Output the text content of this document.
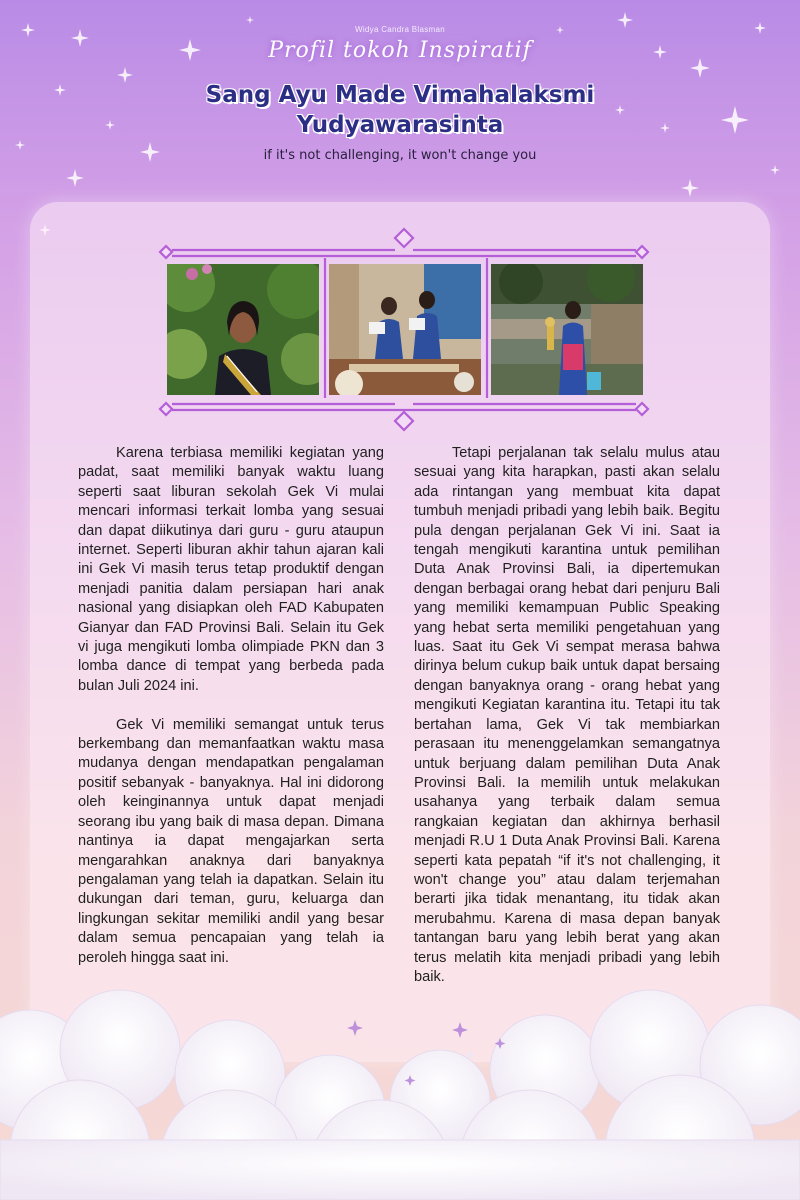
Widya Candra Blasman
Profil tokoh Inspiratif
Sang Ayu Made Vimahalaksmi Yudyawarasinta
if it's not challenging, it won't change you

Karena terbiasa memiliki kegiatan yang padat, saat memiliki banyak waktu luang seperti saat liburan sekolah Gek Vi mulai mencari informasi terkait lomba yang sesuai dan dapat diikutinya dari guru - guru ataupun internet. Seperti liburan akhir tahun ajaran kali ini Gek Vi masih terus tetap produktif dengan menjadi panitia dalam persiapan hari anak nasional yang disiapkan oleh FAD Kabupaten Gianyar dan FAD Provinsi Bali. Selain itu Gek vi juga mengikuti lomba olimpiade PKN dan 3 lomba dance di tempat yang berbeda pada bulan Juli 2024 ini.

Gek Vi memiliki semangat untuk terus berkembang dan memanfaatkan waktu masa mudanya dengan mendapatkan pengalaman positif sebanyak - banyaknya. Hal ini didorong oleh keinginannya untuk dapat menjadi seorang ibu yang baik di masa depan. Dimana nantinya ia dapat mengajarkan serta mengarahkan anaknya dari banyaknya pengalaman yang telah ia dapatkan. Selain itu dukungan dari teman, guru, keluarga dan lingkungan sekitar memiliki andil yang besar dalam semua pencapaian yang telah ia peroleh hingga saat ini.

Tetapi perjalanan tak selalu mulus atau sesuai yang kita harapkan, pasti akan selalu ada rintangan yang membuat kita dapat tumbuh menjadi pribadi yang lebih baik. Begitu pula dengan perjalanan Gek Vi ini. Saat ia tengah mengikuti karantina untuk pemilihan Duta Anak Provinsi Bali, ia dipertemukan dengan berbagai orang hebat dari penjuru Bali yang memiliki kemampuan Public Speaking yang hebat serta memiliki pengetahuan yang luas. Saat itu Gek Vi sempat merasa bahwa dirinya belum cukup baik untuk dapat bersaing dengan banyaknya orang - orang hebat yang mengikuti Kegiatan karantina itu. Tetapi itu tak bertahan lama, Gek Vi tak membiarkan perasaan itu menenggelamkan semangatnya untuk berjuang dalam pemilihan Duta Anak Provinsi Bali. Ia memilih untuk melakukan usahanya yang terbaik dalam semua rangkaian kegiatan dan akhirnya berhasil menjadi R.U 1 Duta Anak Provinsi Bali. Karena seperti kata pepatah “if it's not challenging, it won't change you” atau dalam terjemahan berarti jika tidak menantang, itu tidak akan merubahmu. Karena di masa depan banyak tantangan baru yang lebih berat yang akan terus melatih kita menjadi pribadi yang lebih baik.
